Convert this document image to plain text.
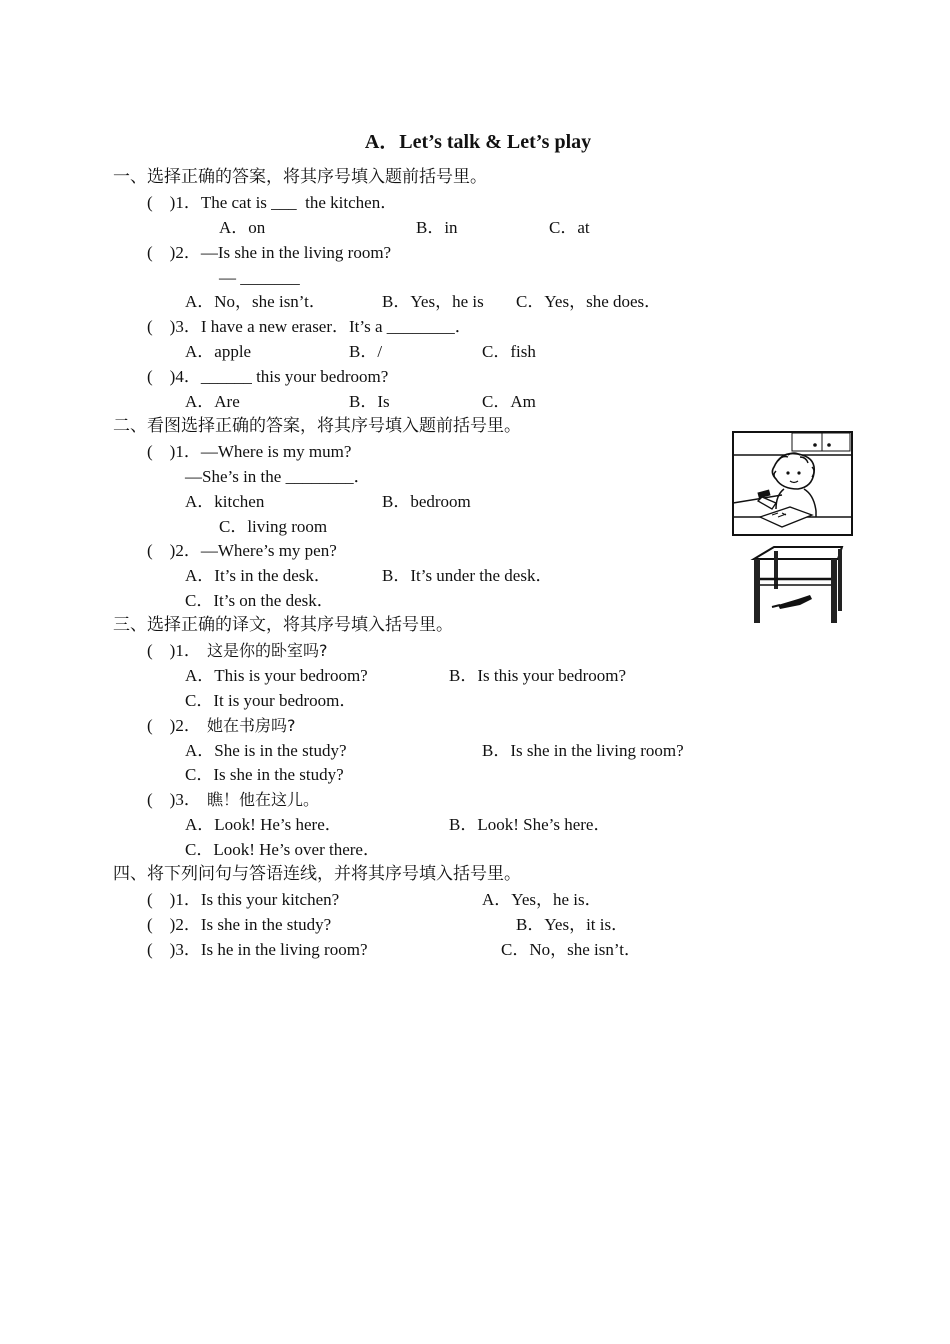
A．Let’s talk & Let’s play
一、选择正确的答案，将其序号填入题前括号里。
(    )1．The cat is ___  the kitchen．
A．on	B．in	C．at
(    )2．—Is she in the living room?
— _______
A．No，she isn’t．	B．Yes，he is C．Yes，she does．
(    )3．I have a new eraser．It’s a ________．
A．apple	B．/	C．fish
(    )4．______ this your bedroom?
A．Are	B．Is	C．Am
二、看图选择正确的答案，将其序号填入题前括号里。
(    )1．—Where is my mum?
—She’s in the ________．
A．kitchen	B．bedroom
C．living room
(    )2．—Where’s my pen?
A．It’s in the desk．	B．It’s under the desk．
C．It’s on the desk．
三、选择正确的译文，将其序号填入括号里。
(    )1． 这是你的卧室吗?
A．This is your bedroom?	B．Is this your bedroom?
C．It is your bedroom．
(    )2． 她在书房吗?
A．She is in the study?	B．Is she in the living room?
C．Is she in the study?
(    )3． 瞧！他在这儿。
A．Look! He’s here．	B．Look! She’s here．
C．Look! He’s over there．
四、将下列问句与答语连线，并将其序号填入括号里。
(    )1．Is this your kitchen?	A．Yes，he is．
(    )2．Is she in the study?	B．Yes，it is．
(    )3．Is he in the living room?	C．No，she isn’t．
